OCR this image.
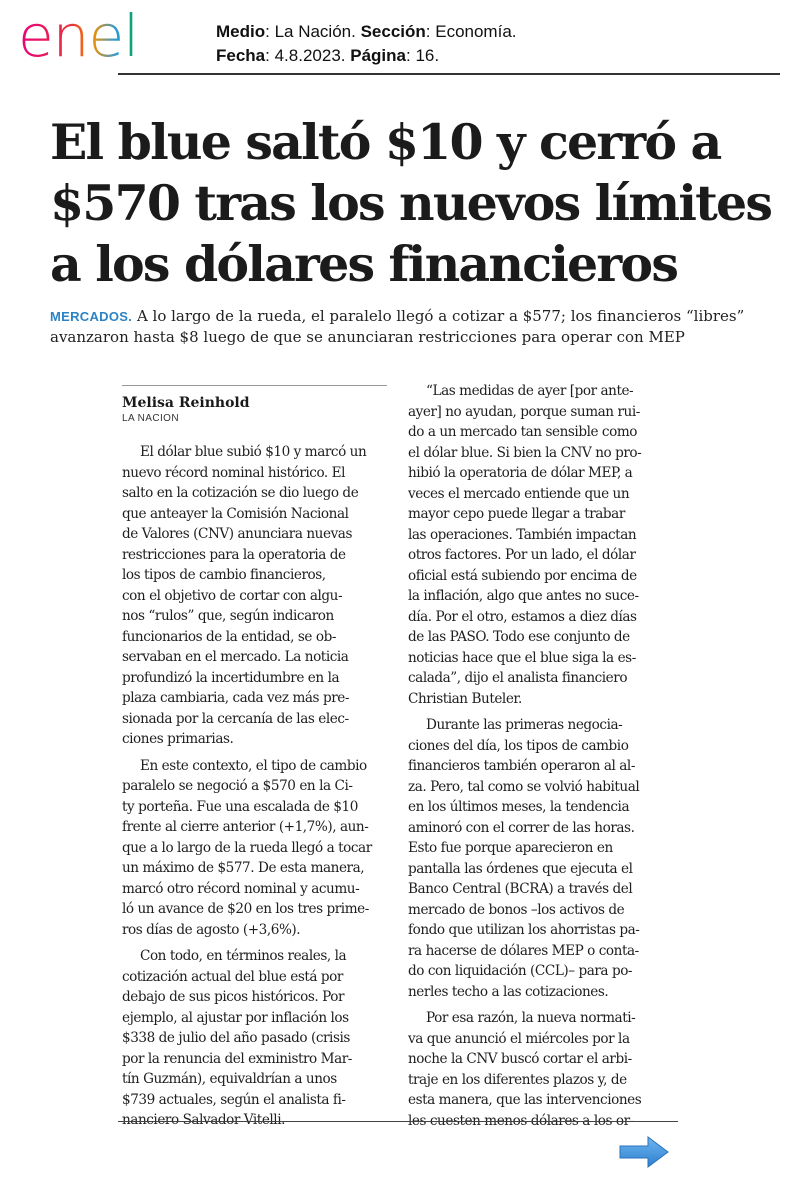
enel	Medio: La Nación. Sección: Economía.
Fecha: 4.8.2023. Página: 16.
El blue saltó $10 y cerró a
$570 tras los nuevos límites
a los dólares financieros
MERCADOS. A lo largo de la rueda, el paralelo llegó a cotizar a $577; los financieros “libres”
avanzaron hasta $8 luego de que se anunciaran restricciones para operar con MEP
Melisa Reinhold
LA NACION

El dólar blue subió $10 y marcó un
nuevo récord nominal histórico. El
salto en la cotización se dio luego de
que anteayer la Comisión Nacional
de Valores (CNV) anunciara nuevas
restricciones para la operatoria de
los tipos de cambio financieros,
con el objetivo de cortar con algu-
nos “rulos” que, según indicaron
funcionarios de la entidad, se ob-
servaban en el mercado. La noticia
profundizó la incertidumbre en la
plaza cambiaria, cada vez más pre-
sionada por la cercanía de las elec-
ciones primarias.

En este contexto, el tipo de cambio
paralelo se negoció a $570 en la Ci-
ty porteña. Fue una escalada de $10
frente al cierre anterior (+1,7%), aun-
que a lo largo de la rueda llegó a tocar
un máximo de $577. De esta manera,
marcó otro récord nominal y acumu-
ló un avance de $20 en los tres prime-
ros días de agosto (+3,6%).

Con todo, en términos reales, la
cotización actual del blue está por
debajo de sus picos históricos. Por
ejemplo, al ajustar por inflación los
$338 de julio del año pasado (crisis
por la renuncia del exministro Mar-
tín Guzmán), equivaldrían a unos
$739 actuales, según el analista fi-
nanciero Salvador Vitelli.

“Las medidas de ayer [por ante-
ayer] no ayudan, porque suman rui-
do a un mercado tan sensible como
el dólar blue. Si bien la CNV no pro-
hibió la operatoria de dólar MEP, a
veces el mercado entiende que un
mayor cepo puede llegar a trabar
las operaciones. También impactan
otros factores. Por un lado, el dólar
oficial está subiendo por encima de
la inflación, algo que antes no suce-
día. Por el otro, estamos a diez días
de las PASO. Todo ese conjunto de
noticias hace que el blue siga la es-
calada”, dijo el analista financiero
Christian Buteler.

Durante las primeras negocia-
ciones del día, los tipos de cambio
financieros también operaron al al-
za. Pero, tal como se volvió habitual
en los últimos meses, la tendencia
aminoró con el correr de las horas.
Esto fue porque aparecieron en
pantalla las órdenes que ejecuta el
Banco Central (BCRA) a través del
mercado de bonos –los activos de
fondo que utilizan los ahorristas pa-
ra hacerse de dólares MEP o conta-
do con liquidación (CCL)– para po-
nerles techo a las cotizaciones.

Por esa razón, la nueva normati-
va que anunció el miércoles por la
noche la CNV buscó cortar el arbi-
traje en los diferentes plazos y, de
esta manera, que las intervenciones
les cuesten menos dólares a los or-
